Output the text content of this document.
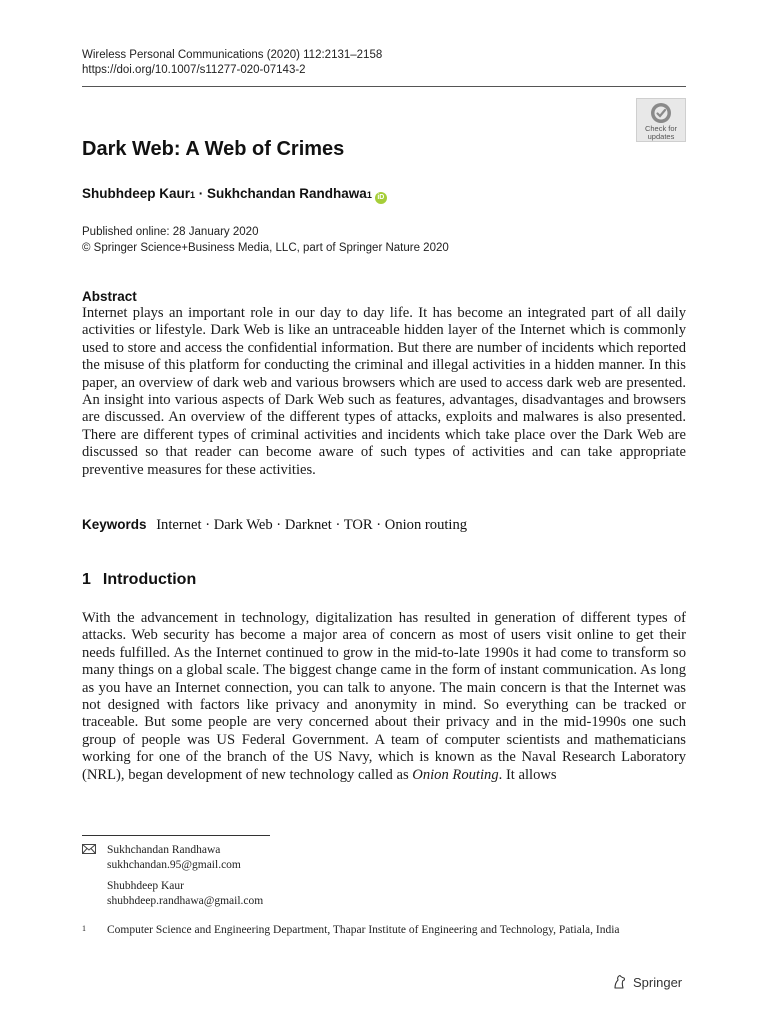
Wireless Personal Communications (2020) 112:2131–2158
https://doi.org/10.1007/s11277-020-07143-2
Check for
updates
Dark Web: A Web of Crimes
Shubhdeep Kaur 1 · Sukhchandan Randhawa 1 iD
Published online: 28 January 2020
© Springer Science+Business Media, LLC, part of Springer Nature 2020
Abstract
Internet plays an important role in our day to day life. It has become an integrated part of all daily activities or lifestyle. Dark Web is like an untraceable hidden layer of the Internet which is commonly used to store and access the confidential information. But there are number of incidents which reported the misuse of this platform for conducting the criminal and illegal activities in a hidden manner. In this paper, an overview of dark web and various browsers which are used to access dark web are presented. An insight into various aspects of Dark Web such as features, advantages, disadvantages and browsers are discussed. An overview of the different types of attacks, exploits and malwares is also presented. There are different types of criminal activities and incidents which take place over the Dark Web are discussed so that reader can become aware of such types of activities and can take appropriate preventive measures for these activities.
Keywords Internet · Dark Web · Darknet · TOR · Onion routing
1 Introduction
With the advancement in technology, digitalization has resulted in generation of different types of attacks. Web security has become a major area of concern as most of users visit online to get their needs fulfilled. As the Internet continued to grow in the mid-to-late 1990s it had come to transform so many things on a global scale. The biggest change came in the form of instant communication. As long as you have an Internet connection, you can talk to anyone. The main concern is that the Internet was not designed with factors like privacy and anonymity in mind. So everything can be tracked or traceable. But some people are very concerned about their privacy and in the mid-1990s one such group of people was US Federal Government. A team of computer scientists and mathematicians working for one of the branch of the US Navy, which is known as the Naval Research Laboratory (NRL), began development of new technology called as Onion Routing. It allows
Sukhchandan Randhawa
sukhchandan.95@gmail.com
Shubhdeep Kaur
shubhdeep.randhawa@gmail.com
1 Computer Science and Engineering Department, Thapar Institute of Engineering and Technology, Patiala, India
Springer
